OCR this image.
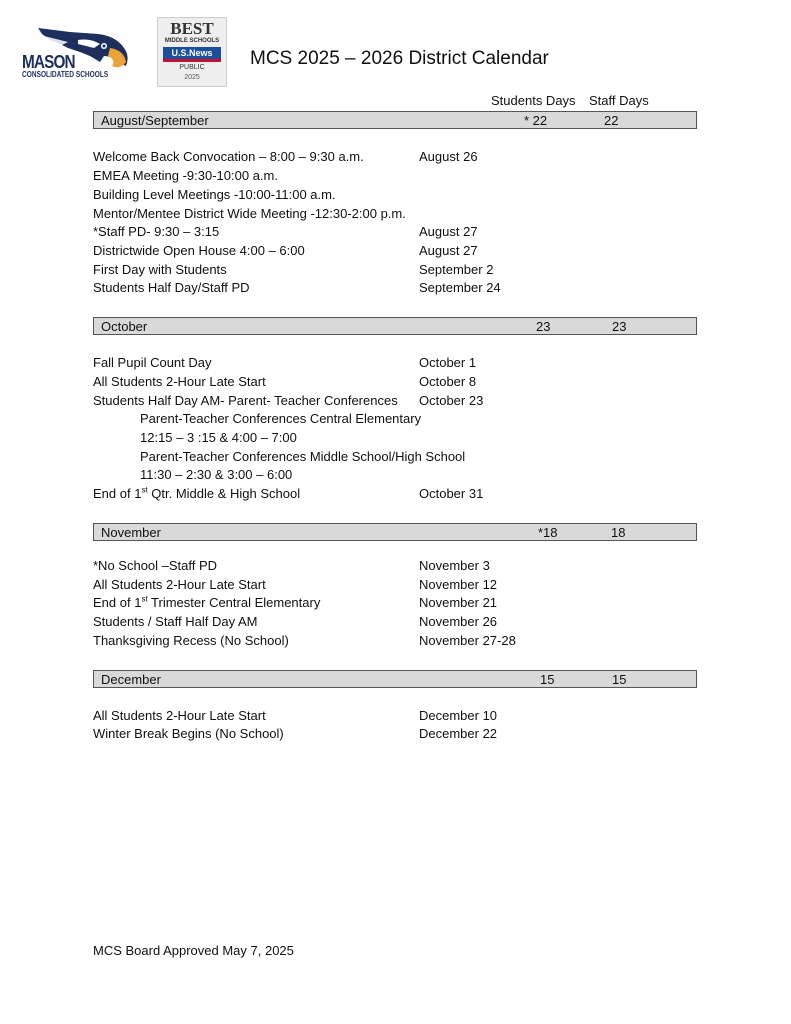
MASON
CONSOLIDATED SCHOOLS
BEST
MIDDLE SCHOOLS
U.S.News
PUBLIC
2025
MCS 2025 – 2026 District Calendar
Students Days Staff Days
August/September	* 22	22
Welcome Back Convocation – 8:00 – 9:30 a.m.	August 26
EMEA Meeting -9:30-10:00 a.m.
Building Level Meetings -10:00-11:00 a.m.
Mentor/Mentee District Wide Meeting -12:30-2:00 p.m.
*Staff PD- 9:30 – 3:15	August 27
Districtwide Open House 4:00 – 6:00	August 27
First Day with Students	September 2
Students Half Day/Staff PD	September 24
October	23	23
Fall Pupil Count Day	October 1
All Students 2-Hour Late Start	October 8
Students Half Day AM- Parent- Teacher Conferences October 23
Parent-Teacher Conferences Central Elementary
12:15 – 3 :15 & 4:00 – 7:00
Parent-Teacher Conferences Middle School/High School
11:30 – 2:30 & 3:00 – 6:00
End of 1st Qtr. Middle & High School	October 31
November	*18	18
*No School –Staff PD	November 3
All Students 2-Hour Late Start	November 12
End of 1st Trimester Central Elementary	November 21
Students / Staff Half Day AM	November 26
Thanksgiving Recess (No School)	November 27-28
December	15	15
All Students 2-Hour Late Start	December 10
Winter Break Begins (No School)	December 22
MCS Board Approved May 7, 2025
